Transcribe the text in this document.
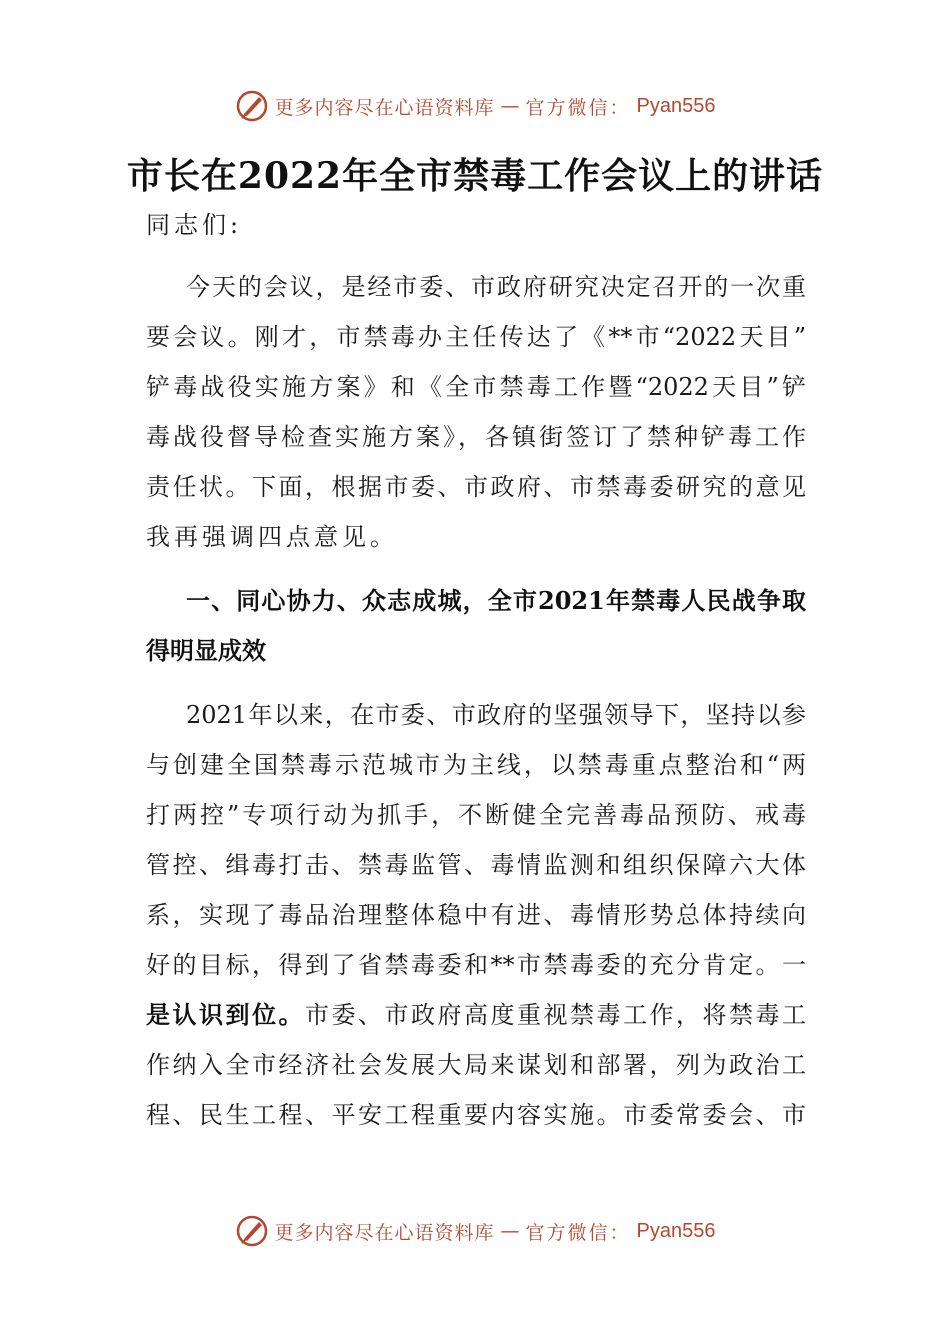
更多内容尽在心语资料库 — 官方微信： Pyan556
市长在2022年全市禁毒工作会议上的讲话
同志们:
今天的会议，是经市委、市政府研究决定召开的一次重
要会议。刚才，市禁毒办主任传达了《**市“2022天目”
铲毒战役实施方案》和《全市禁毒工作暨“2022天目”铲
毒战役督导检查实施方案》，各镇街签订了禁种铲毒工作
责任状。下面，根据市委、市政府、市禁毒委研究的意见
我再强调四点意见。
一、同心协力、众志成城，全市2021年禁毒人民战争取
得明显成效
2021年以来，在市委、市政府的坚强领导下，坚持以参
与创建全国禁毒示范城市为主线，以禁毒重点整治和“两
打两控”专项行动为抓手，不断健全完善毒品预防、戒毒
管控、缉毒打击、禁毒监管、毒情监测和组织保障六大体
系，实现了毒品治理整体稳中有进、毒情形势总体持续向
好的目标，得到了省禁毒委和**市禁毒委的充分肯定。一
是认识到位。市委、市政府高度重视禁毒工作，将禁毒工
作纳入全市经济社会发展大局来谋划和部署，列为政治工
程、民生工程、平安工程重要内容实施。市委常委会、市
更多内容尽在心语资料库 — 官方微信： Pyan556
